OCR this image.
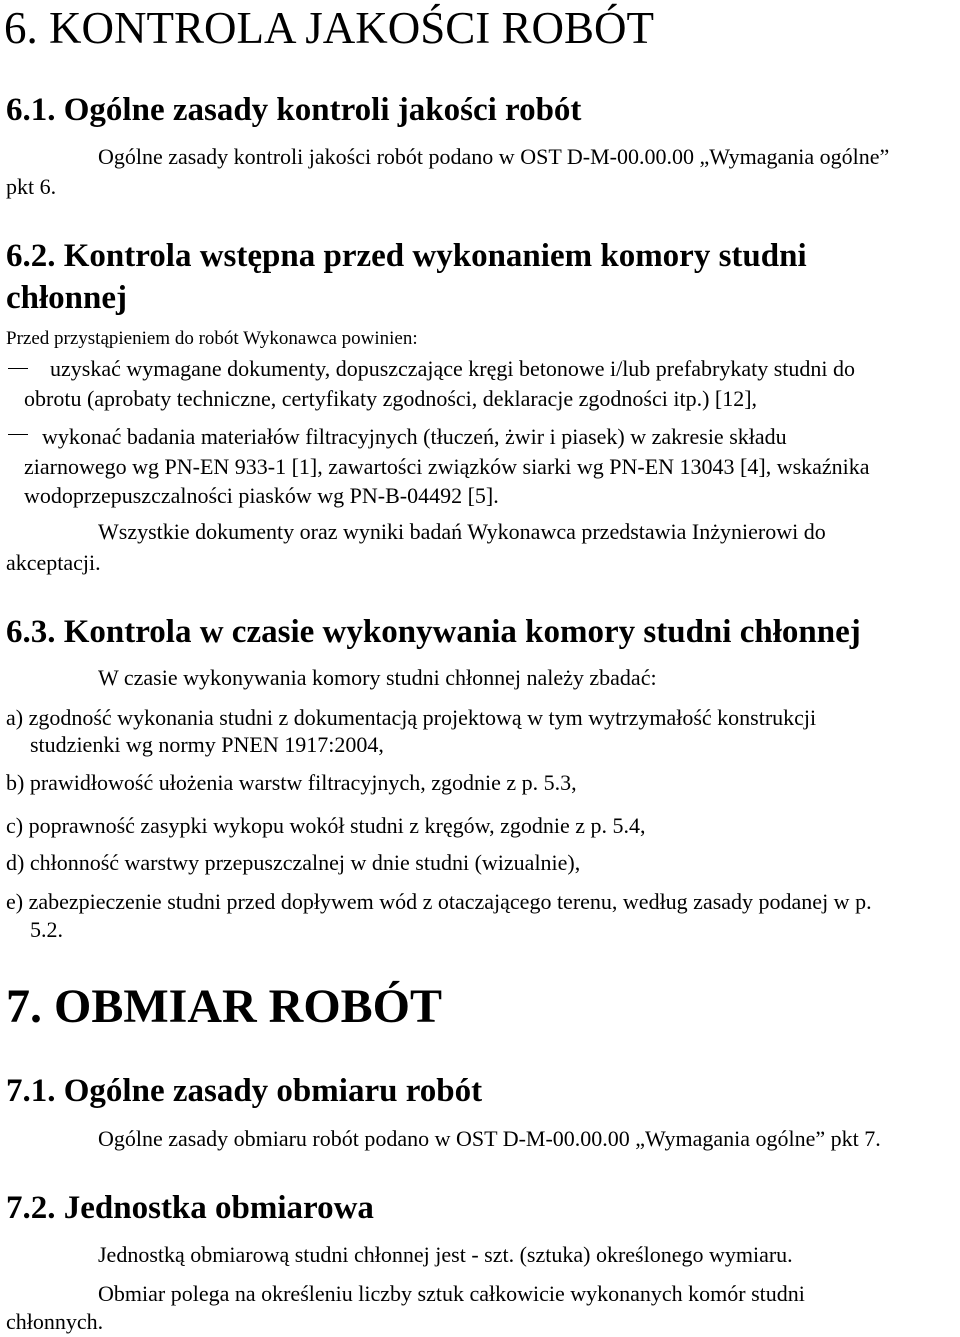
6. KONTROLA JAKOŚCI ROBÓT
6.1. Ogólne zasady kontroli jakości robót

Ogólne zasady kontroli jakości robót podano w OST D-M-00.00.00 „Wymagania ogólne”

pkt 6.

6.2. Kontrola wstępna przed wykonaniem komory studni
chłonnej

Przed przystąpieniem do robót Wykonawca powinien:

uzyskać wymagane dokumenty, dopuszczające kręgi betonowe i/lub prefabrykaty studni do

obrotu (aprobaty techniczne, certyfikaty zgodności, deklaracje zgodności itp.) [12],

wykonać badania materiałów filtracyjnych (tłuczeń, żwir i piasek) w zakresie składu

ziarnowego wg PN-EN 933-1 [1], zawartości związków siarki wg PN-EN 13043 [4], wskaźnika

wodoprzepuszczalności piasków wg PN-B-04492 [5].

Wszystkie dokumenty oraz wyniki badań Wykonawca przedstawia Inżynierowi do

akceptacji.

6.3. Kontrola w czasie wykonywania komory studni chłonnej

W czasie wykonywania komory studni chłonnej należy zbadać:

a) zgodność wykonania studni z dokumentacją projektową w tym wytrzymałość konstrukcji

studzienki wg normy PNEN 1917:2004,

b) prawidłowość ułożenia warstw filtracyjnych, zgodnie z p. 5.3,

c) poprawność zasypki wykopu wokół studni z kręgów, zgodnie z p. 5.4,

d) chłonność warstwy przepuszczalnej w dnie studni (wizualnie),

e) zabezpieczenie studni przed dopływem wód z otaczającego terenu, według zasady podanej w p.

5.2.

7. OBMIAR ROBÓT
7.1. Ogólne zasady obmiaru robót

Ogólne zasady obmiaru robót podano w OST D-M-00.00.00 „Wymagania ogólne” pkt 7.

7.2. Jednostka obmiarowa

Jednostką obmiarową studni chłonnej jest - szt. (sztuka) określonego wymiaru.

Obmiar polega na określeniu liczby sztuk całkowicie wykonanych komór studni

chłonnych.
